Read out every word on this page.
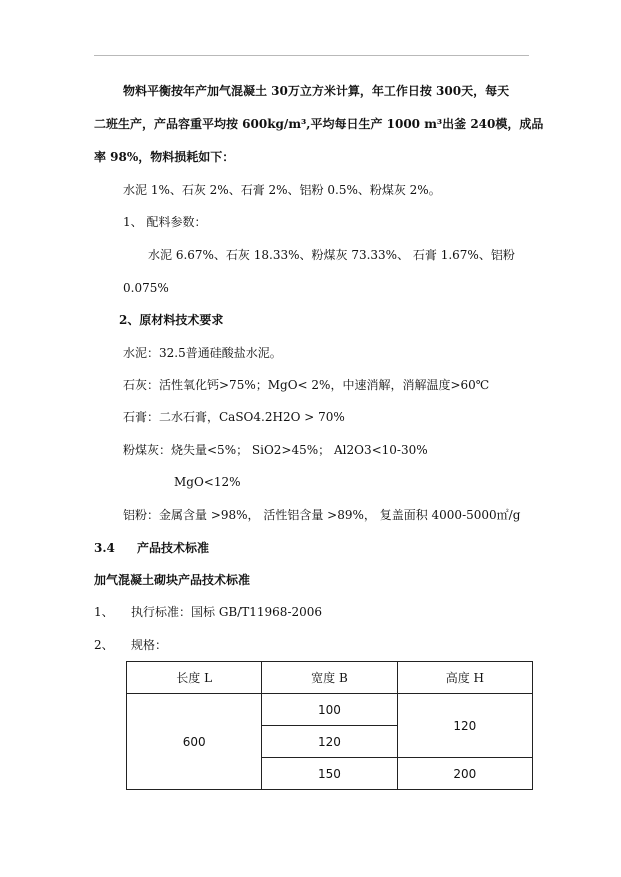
物料平衡按年产加气混凝土 30万立方米计算，年工作日按 300天，每天
二班生产，产品容重平均按 600kg/m³,平均每日生产 1000 m³出釜 240模，成品
率 98%，物料损耗如下：
水泥 1%、石灰 2%、石膏 2%、铝粉 0.5%、粉煤灰 2%。
1、 配料参数：
水泥 6.67%、石灰 18.33%、粉煤灰 73.33%、 石膏 1.67%、铝粉
0.075%
2、原材料技术要求
水泥：32.5普通硅酸盐水泥。
石灰：活性氧化钙>75%；MgO< 2%，中速消解，消解温度>60℃
石膏：二水石膏，CaSO4.2H2O > 70%
粉煤灰：烧失量<5%； SiO2>45%； Al2O3<10-30%
MgO<12%
铝粉：金属含量 >98%， 活性铝含量 >89%， 复盖面积 4000-5000㎡/g
3.4 产品技术标准
加气混凝土砌块产品技术标准
1、 执行标准：国标 GB/T11968-2006
2、 规格：
长度 L	宽度 B	高度 H
600	100	120
	120	
	150	200
